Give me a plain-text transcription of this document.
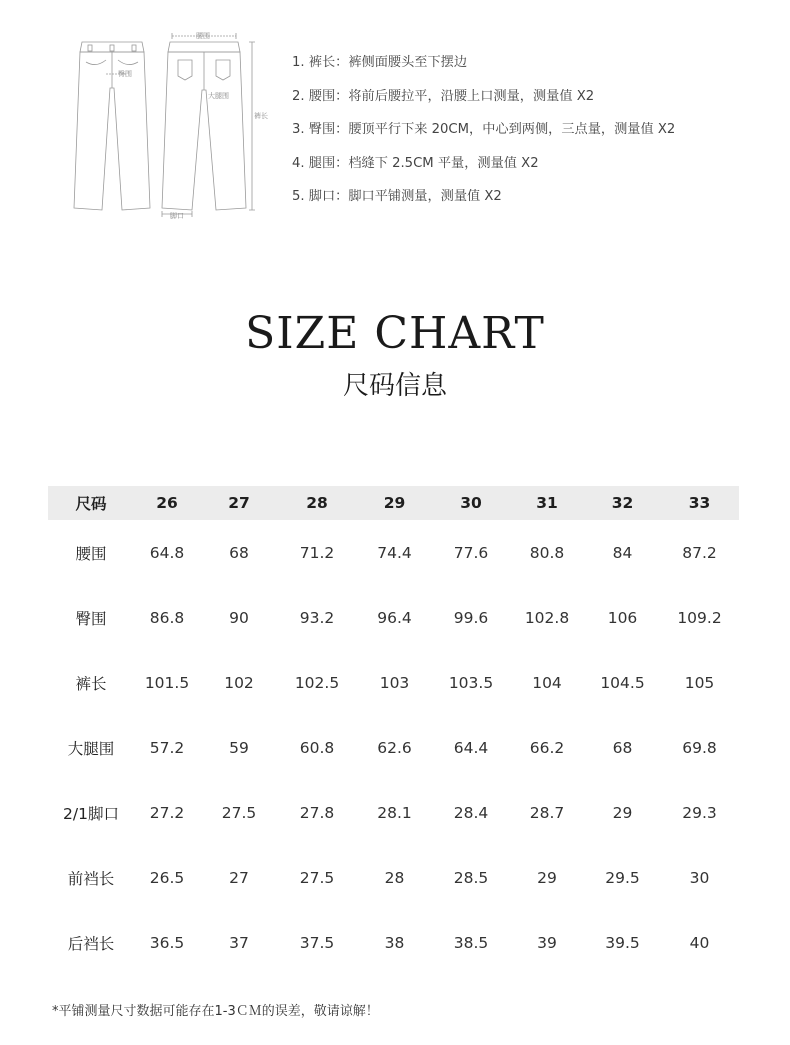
腰围
臀围
裤长
大腿围
脚口
1. 裤长：裤侧面腰头至下摆边
2. 腰围：将前后腰拉平，沿腰上口测量，测量值 X2
3. 臀围：腰顶平行下来 20CM，中心到两侧，三点量，测量值 X2
4. 腿围：档缝下 2.5CM 平量，测量值 X2
5. 脚口：脚口平铺测量，测量值 X2
SIZE CHART
尺码信息
尺码	26	27	28	29	30	31	32	33
腰围	64.8	68	71.2	74.4	77.6	80.8	84	87.2
臀围	86.8	90	93.2	96.4	99.6	102.8	106	109.2
裤长	101.5	102	102.5	103	103.5	104	104.5	105
大腿围	57.2	59	60.8	62.6	64.4	66.2	68	69.8
2/1脚口	27.2	27.5	27.8	28.1	28.4	28.7	29	29.3
前裆长	26.5	27	27.5	28	28.5	29	29.5	30
后裆长	36.5	37	37.5	38	38.5	39	39.5	40
*平铺测量尺寸数据可能存在1-3ＣＭ的误差，敬请谅解！
